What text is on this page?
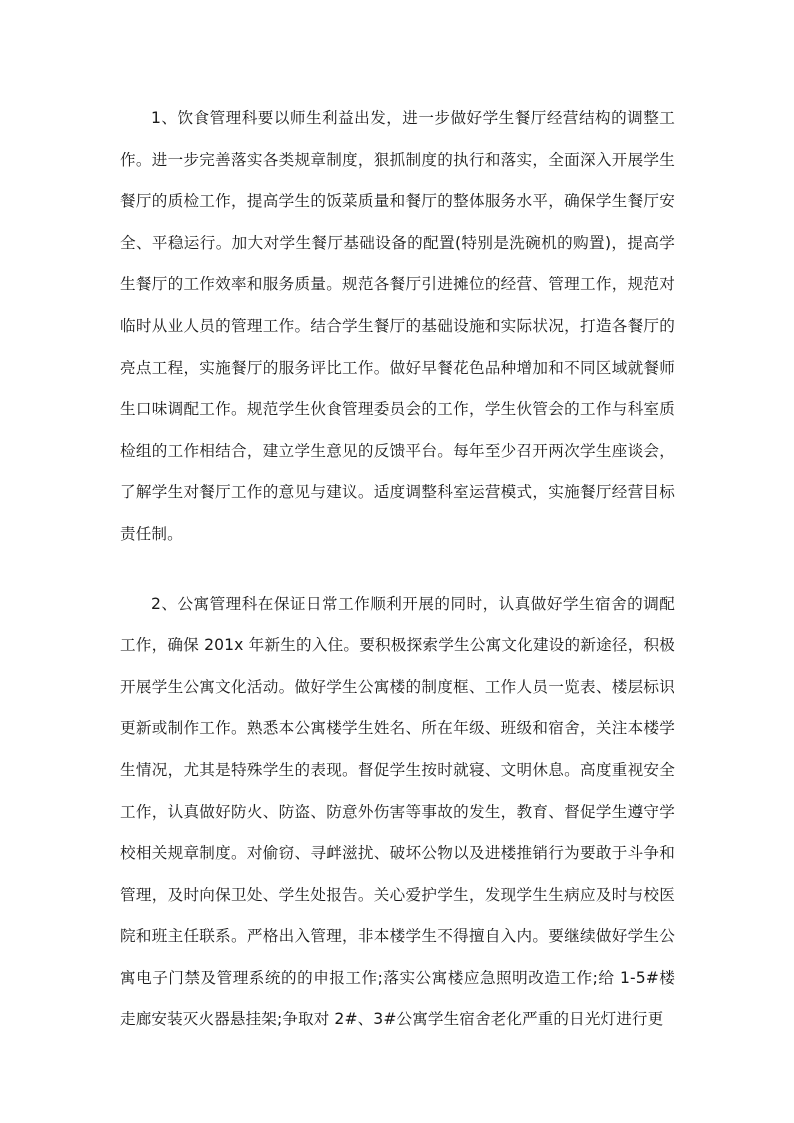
1、饮食管理科要以师生利益出发，进一步做好学生餐厅经营结构的调整工作。进一步完善落实各类规章制度，狠抓制度的执行和落实，全面深入开展学生餐厅的质检工作，提高学生的饭菜质量和餐厅的整体服务水平，确保学生餐厅安全、平稳运行。加大对学生餐厅基础设备的配置(特别是洗碗机的购置)，提高学生餐厅的工作效率和服务质量。规范各餐厅引进摊位的经营、管理工作，规范对临时从业人员的管理工作。结合学生餐厅的基础设施和实际状况，打造各餐厅的亮点工程，实施餐厅的服务评比工作。做好早餐花色品种增加和不同区域就餐师生口味调配工作。规范学生伙食管理委员会的工作，学生伙管会的工作与科室质检组的工作相结合，建立学生意见的反馈平台。每年至少召开两次学生座谈会，了解学生对餐厅工作的意见与建议。适度调整科室运营模式，实施餐厅经营目标责任制。

2、公寓管理科在保证日常工作顺利开展的同时，认真做好学生宿舍的调配工作，确保 201x 年新生的入住。要积极探索学生公寓文化建设的新途径，积极开展学生公寓文化活动。做好学生公寓楼的制度框、工作人员一览表、楼层标识更新或制作工作。熟悉本公寓楼学生姓名、所在年级、班级和宿舍，关注本楼学生情况，尤其是特殊学生的表现。督促学生按时就寝、文明休息。高度重视安全工作，认真做好防火、防盗、防意外伤害等事故的发生，教育、督促学生遵守学校相关规章制度。对偷窃、寻衅滋扰、破坏公物以及进楼推销行为要敢于斗争和管理，及时向保卫处、学生处报告。关心爱护学生，发现学生生病应及时与校医院和班主任联系。严格出入管理，非本楼学生不得擅自入内。要继续做好学生公寓电子门禁及管理系统的的申报工作;落实公寓楼应急照明改造工作;给 1-5#楼走廊安装灭火器悬挂架;争取对 2#、3#公寓学生宿舍老化严重的日光灯进行更
